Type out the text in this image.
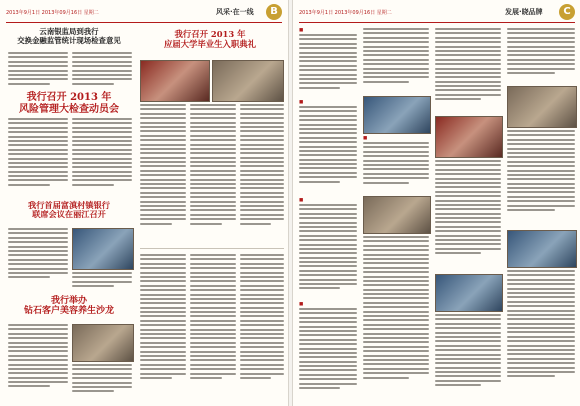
2013年9月1日 2013年09月16日 星期二	风采·在一线	B
云南银监局到我行
交换金融监管统计现场检查意见
我行召开 2013 年
风险管理大检查动员会
我行首届富滇村镇银行
联席会议在丽江召开
我行举办
钻石客户美容养生沙龙
我行召开 2013 年
应届大学毕业生入职典礼
2013年9月1日 2013年09月16日 星期二	发展·晓品牌	C
■
■
■
■
■
